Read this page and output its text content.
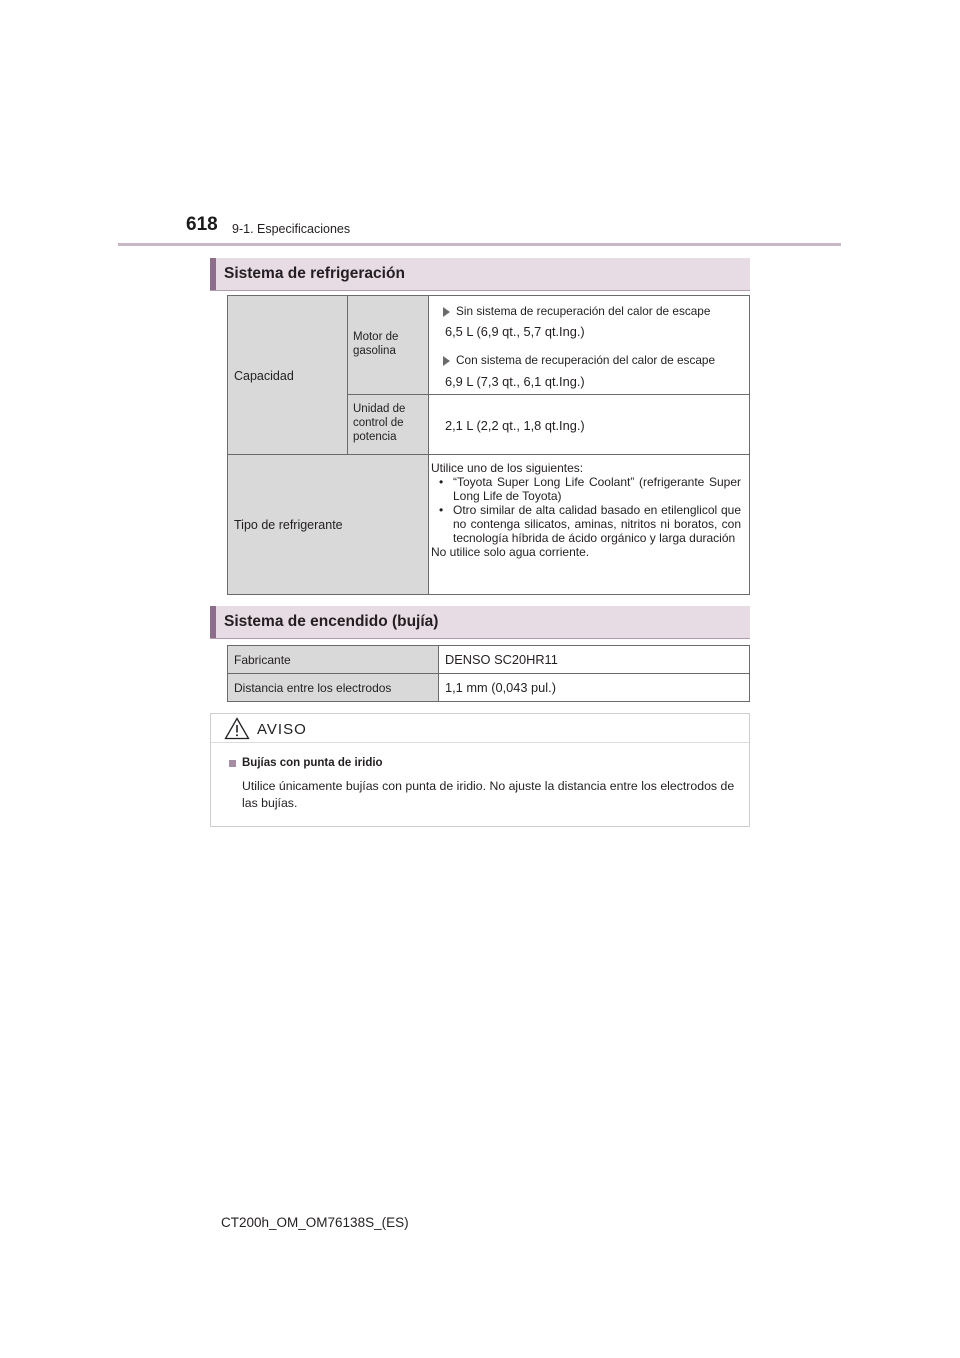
618 9-1. Especificaciones
Sistema de refrigeración
Capacidad
Motor de gasolina
Sin sistema de recuperación del calor de escape
6,5 L (6,9 qt., 5,7 qt.Ing.)
Con sistema de recuperación del calor de escape
6,9 L (7,3 qt., 6,1 qt.Ing.)
Unidad de control de potencia
2,1 L (2,2 qt., 1,8 qt.Ing.)
Tipo de refrigerante
Utilice uno de los siguientes:
• “Toyota Super Long Life Coolant” (refrigerante Super Long Life de Toyota)
• Otro similar de alta calidad basado en etilenglicol que no contenga silicatos, aminas, nitritos ni boratos, con tecnología híbrida de ácido orgánico y larga duración
No utilice solo agua corriente.
Sistema de encendido (bujía)
Fabricante	DENSO SC20HR11
Distancia entre los electrodos	1,1 mm (0,043 pul.)
AVISO
Bujías con punta de iridio
Utilice únicamente bujías con punta de iridio. No ajuste la distancia entre los electrodos de las bujías.
CT200h_OM_OM76138S_(ES)
